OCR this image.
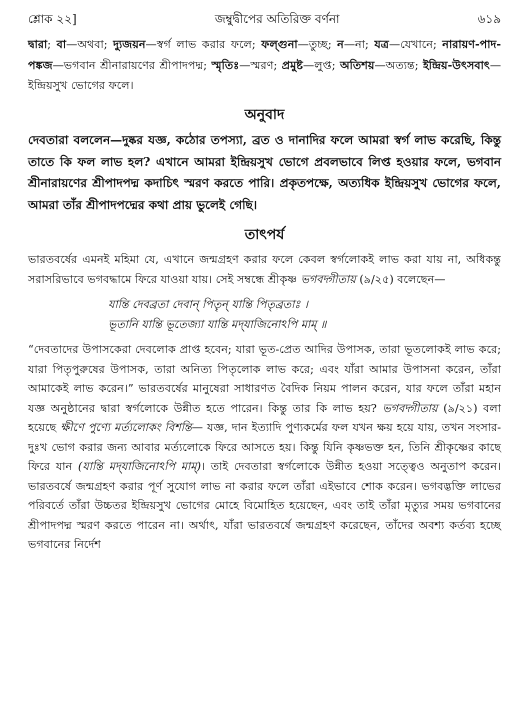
শ্লোক ২২]	জম্বুদ্বীপের অতিরিক্ত বর্ণনা	৬১৯

দ্বারা; বা—অথবা; দ্যুজয়ন—স্বর্গ লাভ করার ফলে; ফল্গুনা—তুচ্ছ; ন—না; যত্র—যেখানে; নারায়ণ-পাদ-পঙ্কজ—ভগবান শ্রীনারায়ণের শ্রীপাদপদ্ম; স্মৃতিঃ—স্মরণ; প্রমুষ্ট—লুপ্ত; অতিশয়—অত্যন্ত; ইন্দ্রিয়-উৎসবাৎ—ইন্দ্রিয়সুখ ভোগের ফলে।

অনুবাদ

দেবতারা বললেন—দুষ্কর যজ্ঞ, কঠোর তপস্যা, ব্রত ও দানাদির ফলে আমরা স্বর্গ লাভ করেছি, কিন্তু তাতে কি ফল লাভ হল? এখানে আমরা ইন্দ্রিয়সুখ ভোগে প্রবলভাবে লিপ্ত হওয়ার ফলে, ভগবান শ্রীনারায়ণের শ্রীপাদপদ্ম কদাচিৎ স্মরণ করতে পারি। প্রকৃতপক্ষে, অত্যধিক ইন্দ্রিয়সুখ ভোগের ফলে, আমরা তাঁর শ্রীপাদপদ্মের কথা প্রায় ভুলেই গেছি।

তাৎপর্য

ভারতবর্ষের এমনই মহিমা যে, এখানে জন্মগ্রহণ করার ফলে কেবল স্বর্গলোকই লাভ করা যায় না, অধিকন্তু সরাসরিভাবে ভগবদ্ধামে ফিরে যাওয়া যায়। সেই সম্বন্ধে শ্রীকৃষ্ণ ভগবদ্গীতায় (৯/২৫) বলেছেন—

যান্তি দেবব্রতা দেবান্ পিতৄন্ যান্তি পিতৃব্রতাঃ ।
ভূতানি যান্তি ভূতেজ্যা যান্তি মদ্‌যাজিনোঽপি মাম্ ॥

“দেবতাদের উপাসকেরা দেবলোক প্রাপ্ত হবেন; যারা ভূত-প্রেত আদির উপাসক, তারা ভূতলোকই লাভ করে; যারা পিতৃপুরুষের উপাসক, তারা অনিত্য পিতৃলোক লাভ করে; এবং যাঁরা আমার উপাসনা করেন, তাঁরা আমাকেই লাভ করেন।” ভারতবর্ষের মানুষেরা সাধারণত বৈদিক নিয়ম পালন করেন, যার ফলে তাঁরা মহান যজ্ঞ অনুষ্ঠানের দ্বারা স্বর্গলোকে উন্নীত হতে পারেন। কিন্তু তার কি লাভ হয়? ভগবদ্গীতায় (৯/২১) বলা হয়েছে ক্ষীণে পুণ্যে মর্ত্যলোকং বিশন্তি— যজ্ঞ, দান ইত্যাদি পুণ্যকর্মের ফল যখন ক্ষয় হয়ে যায়, তখন সংসার-দুঃখ ভোগ করার জন্য আবার মর্ত্যলোকে ফিরে আসতে হয়। কিন্তু যিনি কৃষ্ণভক্ত হন, তিনি শ্রীকৃষ্ণের কাছে ফিরে যান (যান্তি মদ্‌যাজিনোঽপি মাম্)। তাই দেবতারা স্বর্গলোকে উন্নীত হওয়া সত্ত্বেও অনুতাপ করেন। ভারতবর্ষে জন্মগ্রহণ করার পূর্ণ সুযোগ লাভ না করার ফলে তাঁরা এইভাবে শোক করেন। ভগবদ্ভক্তি লাভের পরিবর্তে তাঁরা উচ্চতর ইন্দ্রিয়সুখ ভোগের মোহে বিমোহিত হয়েছেন, এবং তাই তাঁরা মৃত্যুর সময় ভগবানের শ্রীপাদপদ্ম স্মরণ করতে পারেন না। অর্থাৎ, যাঁরা ভারতবর্ষে জন্মগ্রহণ করেছেন, তাঁদের অবশ্য কর্তব্য হচ্ছে ভগবানের নির্দেশ
